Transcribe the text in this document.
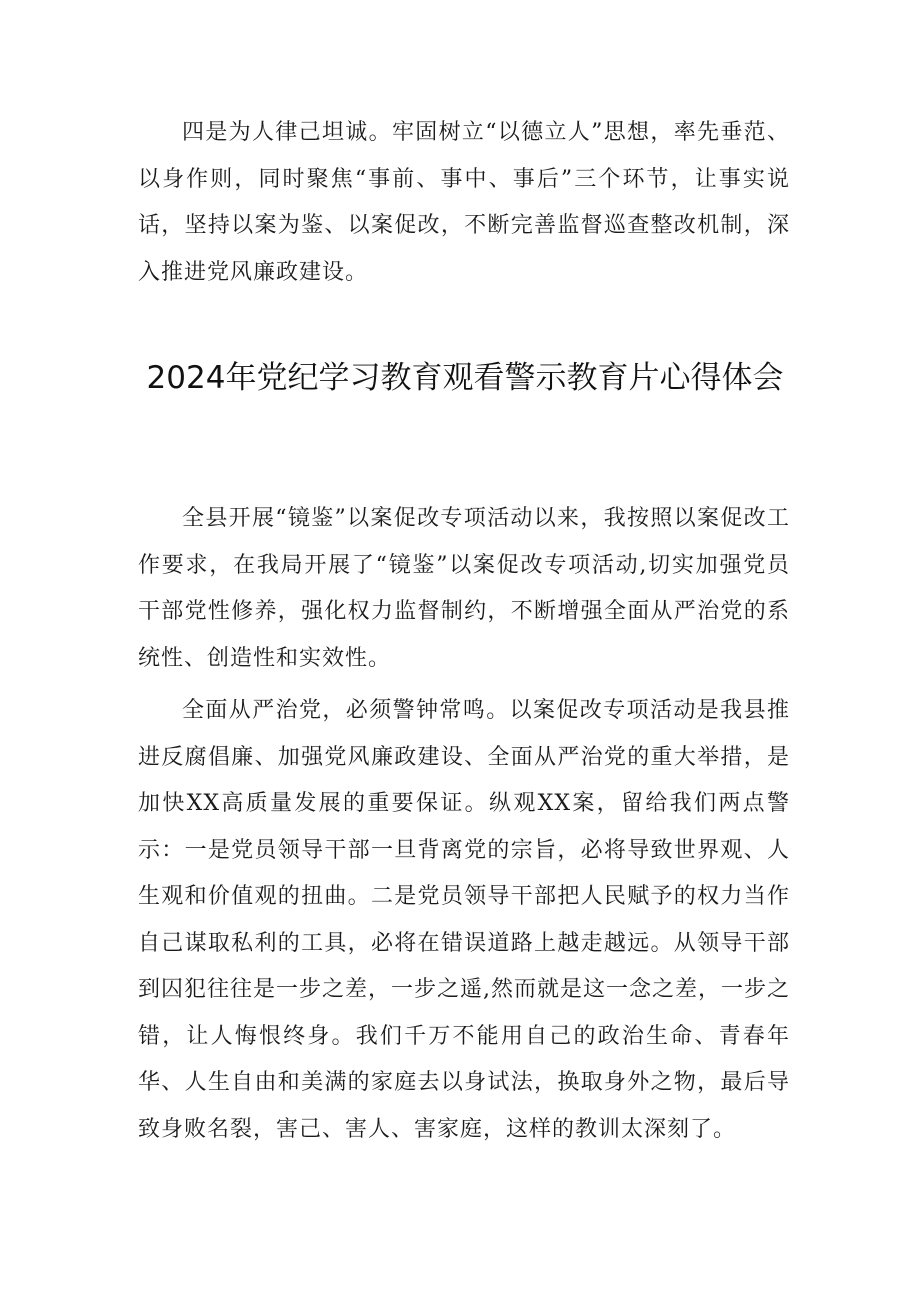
四是为人律己坦诚。牢固树立“以德立人”思想，率先垂范、以身作则，同时聚焦“事前、事中、事后”三个环节，让事实说话，坚持以案为鉴、以案促改，不断完善监督巡查整改机制，深入推进党风廉政建设。

2024年党纪学习教育观看警示教育片心得体会

全县开展“镜鉴”以案促改专项活动以来，我按照以案促改工作要求，在我局开展了“镜鉴”以案促改专项活动,切实加强党员干部党性修养，强化权力监督制约，不断增强全面从严治党的系统性、创造性和实效性。

全面从严治党，必须警钟常鸣。以案促改专项活动是我县推进反腐倡廉、加强党风廉政建设、全面从严治党的重大举措，是加快XX高质量发展的重要保证。纵观XX案，留给我们两点警示：一是党员领导干部一旦背离党的宗旨，必将导致世界观、人生观和价值观的扭曲。二是党员领导干部把人民赋予的权力当作自己谋取私利的工具，必将在错误道路上越走越远。从领导干部到囚犯往往是一步之差，一步之遥,然而就是这一念之差，一步之错，让人悔恨终身。我们千万不能用自己的政治生命、青春年华、人生自由和美满的家庭去以身试法，换取身外之物，最后导致身败名裂，害己、害人、害家庭，这样的教训太深刻了。
